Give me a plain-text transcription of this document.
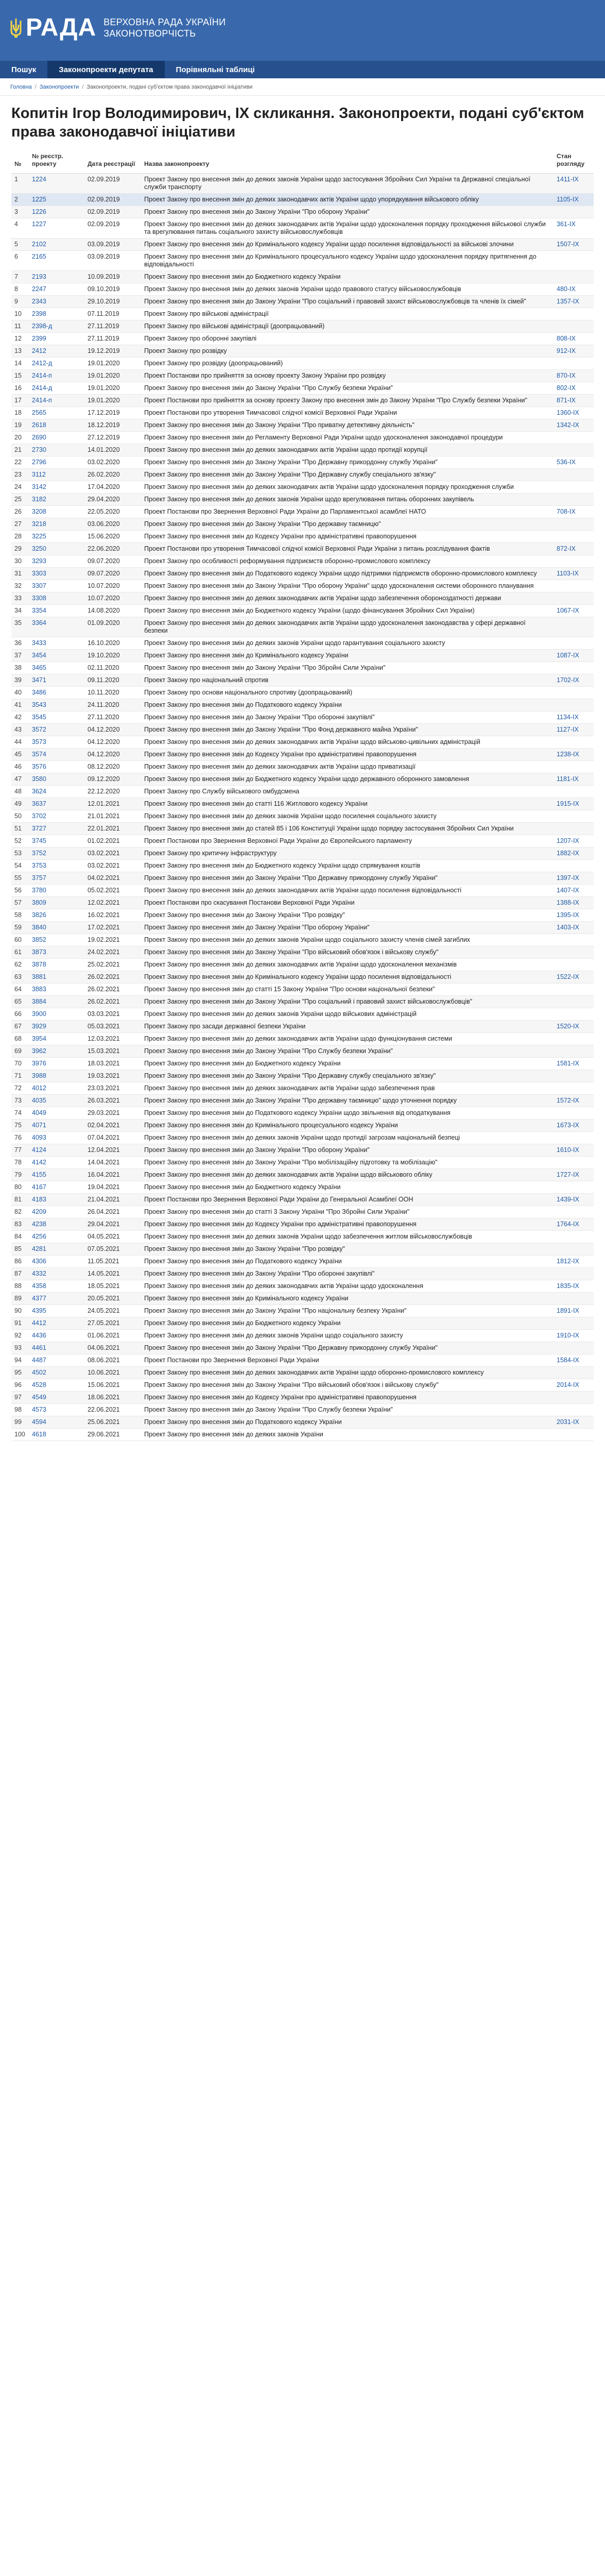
РАДА ВЕРХОВНА РАДА УКРАЇНИ
ЗАКОНОТВОРЧІСТЬ
Пошук	Законопроекти депутата	Порівняльні таблиці
Головна / Законопроекти / Законопроекти, подані суб'єктом права законодавчої ініціативи
Копитін Ігор Володимирович, IX скликання. Законопроекти, подані суб'єктом права законодавчої ініціативи
№	№ реєстр. проекту	Дата реєстрації	Назва законопроекту	Стан розгляду
1	1224	02.09.2019	Проект Закону про внесення змін до деяких законів України щодо застосування Збройних Сил України та Державної спеціальної служби транспорту	1411-IX
2	1225	02.09.2019	Проект Закону про внесення змін до деяких законодавчих актів України щодо упорядкування військового обліку	1105-IX
3	1226	02.09.2019	Проект Закону про внесення змін до Закону України "Про оборону України"	
4	1227	02.09.2019	Проект Закону про внесення змін до деяких законодавчих актів України щодо удосконалення порядку проходження військової служби та врегулювання питань соціального захисту військовослужбовців	361-IX
5	2102	03.09.2019	Проект Закону про внесення змін до Кримінального кодексу України щодо посилення відповідальності за військові злочини	1507-IX
6	2165	03.09.2019	Проект Закону про внесення змін до Кримінального процесуального кодексу України щодо удосконалення порядку притягнення до відповідальності	
7	2193	10.09.2019	Проект Закону про внесення змін до Бюджетного кодексу України	
8	2247	09.10.2019	Проект Закону про внесення змін до деяких законів України щодо правового статусу військовослужбовців	480-IX
9	2343	29.10.2019	Проект Закону про внесення змін до Закону України "Про соціальний і правовий захист військовослужбовців та членів їх сімей"	1357-IX
10	2398	07.11.2019	Проект Закону про військові адміністрації	
11	2398-д	27.11.2019	Проект Закону про військові адміністрації (доопрацьований)	
12	2399	27.11.2019	Проект Закону про оборонні закупівлі	808-IX
13	2412	19.12.2019	Проект Закону про розвідку	912-IX
14	2412-д	19.01.2020	Проект Закону про розвідку (доопрацьований)	
15	2414-п	19.01.2020	Проект Постанови про прийняття за основу проекту Закону України про розвідку	870-IX
16	2414-д	19.01.2020	Проект Закону про внесення змін до Закону України "Про Службу безпеки України"	802-IX
17	2414-п	19.01.2020	Проект Постанови про прийняття за основу проекту Закону про внесення змін до Закону України "Про Службу безпеки України"	871-IX
18	2565	17.12.2019	Проект Постанови про утворення Тимчасової слідчої комісії Верховної Ради України	1360-IX
19	2618	18.12.2019	Проект Закону про внесення змін до Закону України "Про приватну детективну діяльність"	1342-IX
20	2690	27.12.2019	Проект Закону про внесення змін до Регламенту Верховної Ради України щодо удосконалення законодавчої процедури	
21	2730	14.01.2020	Проект Закону про внесення змін до деяких законодавчих актів України щодо протидії корупції	
22	2796	03.02.2020	Проект Закону про внесення змін до Закону України "Про Державну прикордонну службу України"	536-IX
23	3112	26.02.2020	Проект Закону про внесення змін до Закону України "Про Державну службу спеціального зв'язку"	
24	3142	17.04.2020	Проект Закону про внесення змін до деяких законодавчих актів України щодо удосконалення порядку проходження служби	
25	3182	29.04.2020	Проект Закону про внесення змін до деяких законів України щодо врегулювання питань оборонних закупівель	
26	3208	22.05.2020	Проект Постанови про Звернення Верховної Ради України до Парламентської асамблеї НАТО	708-IX
27	3218	03.06.2020	Проект Закону про внесення змін до Закону України "Про державну таємницю"	
28	3225	15.06.2020	Проект Закону про внесення змін до Кодексу України про адміністративні правопорушення	
29	3250	22.06.2020	Проект Постанови про утворення Тимчасової слідчої комісії Верховної Ради України з питань розслідування фактів	872-IX
30	3293	09.07.2020	Проект Закону про особливості реформування підприємств оборонно-промислового комплексу	
31	3303	09.07.2020	Проект Закону про внесення змін до Податкового кодексу України щодо підтримки підприємств оборонно-промислового комплексу	1103-IX
32	3307	10.07.2020	Проект Закону про внесення змін до Закону України "Про оборону України" щодо удосконалення системи оборонного планування	
33	3308	10.07.2020	Проект Закону про внесення змін до деяких законодавчих актів України щодо забезпечення обороноздатності держави	
34	3354	14.08.2020	Проект Закону про внесення змін до Бюджетного кодексу України (щодо фінансування Збройних Сил України)	1067-IX
35	3364	01.09.2020	Проект Закону про внесення змін до деяких законодавчих актів України щодо удосконалення законодавства у сфері державної безпеки	
36	3433	16.10.2020	Проект Закону про внесення змін до деяких законів України щодо гарантування соціального захисту	
37	3454	19.10.2020	Проект Закону про внесення змін до Кримінального кодексу України	1087-IX
38	3465	02.11.2020	Проект Закону про внесення змін до Закону України "Про Збройні Сили України"	
39	3471	09.11.2020	Проект Закону про національний спротив	1702-IX
40	3486	10.11.2020	Проект Закону про основи національного спротиву (доопрацьований)	
41	3543	24.11.2020	Проект Закону про внесення змін до Податкового кодексу України	
42	3545	27.11.2020	Проект Закону про внесення змін до Закону України "Про оборонні закупівлі"	1134-IX
43	3572	04.12.2020	Проект Закону про внесення змін до Закону України "Про Фонд державного майна України"	1127-IX
44	3573	04.12.2020	Проект Закону про внесення змін до деяких законодавчих актів України щодо військово-цивільних адміністрацій	
45	3574	04.12.2020	Проект Закону про внесення змін до Кодексу України про адміністративні правопорушення	1238-IX
46	3576	08.12.2020	Проект Закону про внесення змін до деяких законодавчих актів України щодо приватизації	
47	3580	09.12.2020	Проект Закону про внесення змін до Бюджетного кодексу України щодо державного оборонного замовлення	1181-IX
48	3624	22.12.2020	Проект Закону про Службу військового омбудсмена	
49	3637	12.01.2021	Проект Закону про внесення змін до статті 116 Житлового кодексу України	1915-IX
50	3702	21.01.2021	Проект Закону про внесення змін до деяких законів України щодо посилення соціального захисту	
51	3727	22.01.2021	Проект Закону про внесення змін до статей 85 і 106 Конституції України щодо порядку застосування Збройних Сил України	
52	3745	01.02.2021	Проект Постанови про Звернення Верховної Ради України до Європейського парламенту	1207-IX
53	3752	03.02.2021	Проект Закону про критичну інфраструктуру	1882-IX
54	3753	03.02.2021	Проект Закону про внесення змін до Бюджетного кодексу України щодо спрямування коштів	
55	3757	04.02.2021	Проект Закону про внесення змін до Закону України "Про Державну прикордонну службу України"	1397-IX
56	3780	05.02.2021	Проект Закону про внесення змін до деяких законодавчих актів України щодо посилення відповідальності	1407-IX
57	3809	12.02.2021	Проект Постанови про скасування Постанови Верховної Ради України	1388-IX
58	3826	16.02.2021	Проект Закону про внесення змін до Закону України "Про розвідку"	1395-IX
59	3840	17.02.2021	Проект Закону про внесення змін до Закону України "Про оборону України"	1403-IX
60	3852	19.02.2021	Проект Закону про внесення змін до деяких законів України щодо соціального захисту членів сімей загиблих	
61	3873	24.02.2021	Проект Закону про внесення змін до Закону України "Про військовий обов'язок і військову службу"	
62	3878	25.02.2021	Проект Закону про внесення змін до деяких законодавчих актів України щодо удосконалення механізмів	
63	3881	26.02.2021	Проект Закону про внесення змін до Кримінального кодексу України щодо посилення відповідальності	1522-IX
64	3883	26.02.2021	Проект Закону про внесення змін до статті 15 Закону України "Про основи національної безпеки"	
65	3884	26.02.2021	Проект Закону про внесення змін до Закону України "Про соціальний і правовий захист військовослужбовців"	
66	3900	03.03.2021	Проект Закону про внесення змін до деяких законів України щодо військових адміністрацій	
67	3929	05.03.2021	Проект Закону про засади державної безпеки України	1520-IX
68	3954	12.03.2021	Проект Закону про внесення змін до деяких законодавчих актів України щодо функціонування системи	
69	3962	15.03.2021	Проект Закону про внесення змін до Закону України "Про Службу безпеки України"	
70	3976	18.03.2021	Проект Закону про внесення змін до Бюджетного кодексу України	1581-IX
71	3988	19.03.2021	Проект Закону про внесення змін до Закону України "Про Державну службу спеціального зв'язку"	
72	4012	23.03.2021	Проект Закону про внесення змін до деяких законодавчих актів України щодо забезпечення прав	
73	4035	26.03.2021	Проект Закону про внесення змін до Закону України "Про державну таємницю" щодо уточнення порядку	1572-IX
74	4049	29.03.2021	Проект Закону про внесення змін до Податкового кодексу України щодо звільнення від оподаткування	
75	4071	02.04.2021	Проект Закону про внесення змін до Кримінального процесуального кодексу України	1673-IX
76	4093	07.04.2021	Проект Закону про внесення змін до деяких законів України щодо протидії загрозам національній безпеці	
77	4124	12.04.2021	Проект Закону про внесення змін до Закону України "Про оборону України"	1610-IX
78	4142	14.04.2021	Проект Закону про внесення змін до Закону України "Про мобілізаційну підготовку та мобілізацію"	
79	4155	16.04.2021	Проект Закону про внесення змін до деяких законодавчих актів України щодо військового обліку	1727-IX
80	4167	19.04.2021	Проект Закону про внесення змін до Бюджетного кодексу України	
81	4183	21.04.2021	Проект Постанови про Звернення Верховної Ради України до Генеральної Асамблеї ООН	1439-IX
82	4209	26.04.2021	Проект Закону про внесення змін до статті 3 Закону України "Про Збройні Сили України"	
83	4238	29.04.2021	Проект Закону про внесення змін до Кодексу України про адміністративні правопорушення	1764-IX
84	4256	04.05.2021	Проект Закону про внесення змін до деяких законів України щодо забезпечення житлом військовослужбовців	
85	4281	07.05.2021	Проект Закону про внесення змін до Закону України "Про розвідку"	
86	4306	11.05.2021	Проект Закону про внесення змін до Податкового кодексу України	1812-IX
87	4332	14.05.2021	Проект Закону про внесення змін до Закону України "Про оборонні закупівлі"	
88	4358	18.05.2021	Проект Закону про внесення змін до деяких законодавчих актів України щодо удосконалення	1835-IX
89	4377	20.05.2021	Проект Закону про внесення змін до Кримінального кодексу України	
90	4395	24.05.2021	Проект Закону про внесення змін до Закону України "Про національну безпеку України"	1891-IX
91	4412	27.05.2021	Проект Закону про внесення змін до Бюджетного кодексу України	
92	4436	01.06.2021	Проект Закону про внесення змін до деяких законів України щодо соціального захисту	1910-IX
93	4461	04.06.2021	Проект Закону про внесення змін до Закону України "Про Державну прикордонну службу України"	
94	4487	08.06.2021	Проект Постанови про Звернення Верховної Ради України	1584-IX
95	4502	10.06.2021	Проект Закону про внесення змін до деяких законодавчих актів України щодо оборонно-промислового комплексу	
96	4528	15.06.2021	Проект Закону про внесення змін до Закону України "Про військовий обов'язок і військову службу"	2014-IX
97	4549	18.06.2021	Проект Закону про внесення змін до Кодексу України про адміністративні правопорушення	
98	4573	22.06.2021	Проект Закону про внесення змін до Закону України "Про Службу безпеки України"	
99	4594	25.06.2021	Проект Закону про внесення змін до Податкового кодексу України	2031-IX
100	4618	29.06.2021	Проект Закону про внесення змін до деяких законів України	
